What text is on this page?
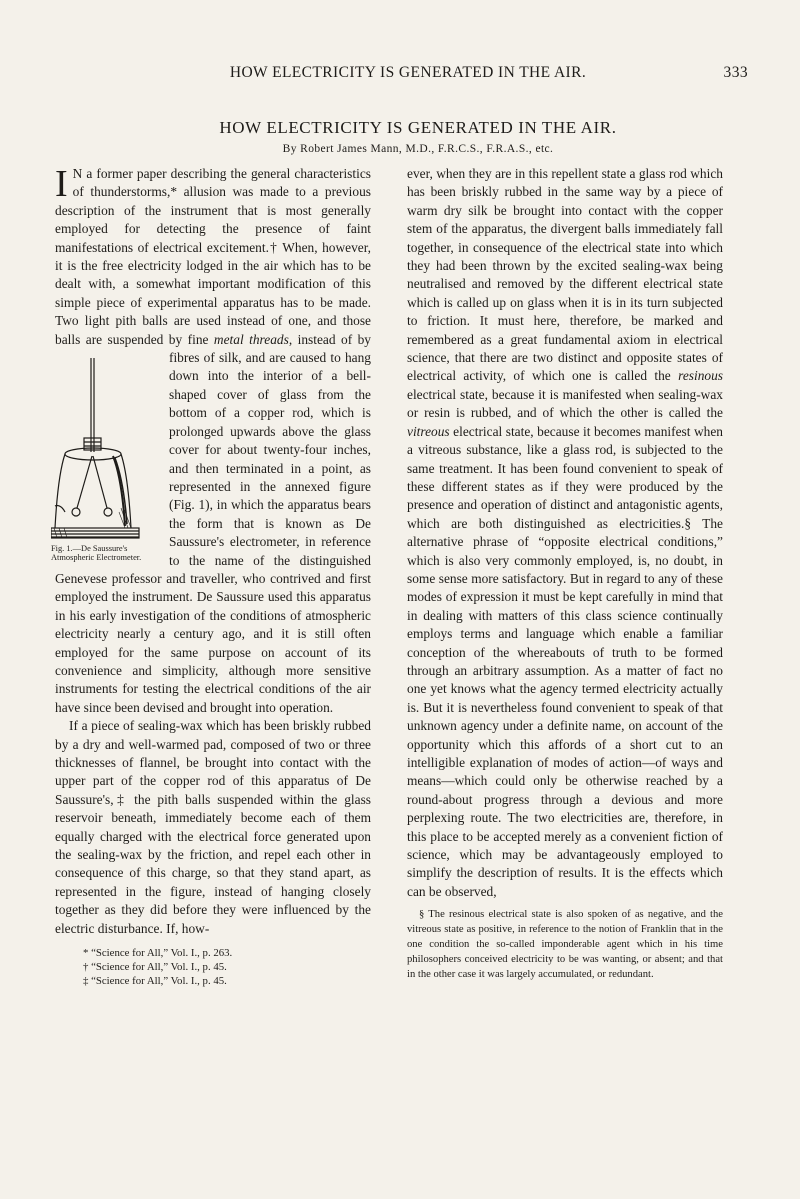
HOW ELECTRICITY IS GENERATED IN THE AIR.	333
HOW ELECTRICITY IS GENERATED IN THE AIR.
By Robert James Mann, M.D., F.R.C.S., F.R.A.S., etc.

I N a former paper describing the general characteristics of thunderstorms,* allusion was made to a previous description of the instrument that is most generally employed for detecting the presence of faint manifestations of electrical excitement.† When, however, it is the free electricity lodged in the air which has to be dealt with, a somewhat important modification of this simple piece of experimental apparatus has to be made. Two light pith balls are used instead of one, and those balls are suspended by fine metal threads
Fig. 1.—De Saussure's Atmospheric Electrometer.
, instead of by fibres of silk, and are caused to hang down into the interior of a bell-shaped cover of glass from the bottom of a copper rod, which is prolonged upwards above the glass cover for about twenty-four inches, and then terminated in a point, as represented in the annexed figure (Fig. 1), in which the apparatus bears the form that is known as De Saussure's electrometer, in reference to the name of the distinguished Genevese professor and traveller, who contrived and first employed the instrument. De Saussure used this apparatus in his early investigation of the conditions of atmospheric electricity nearly a century ago, and it is still often employed for the same purpose on account of its convenience and simplicity, although more sensitive instruments for testing the electrical conditions of the air have since been devised and brought into operation.

If a piece of sealing-wax which has been briskly rubbed by a dry and well-warmed pad, composed of two or three thicknesses of flannel, be brought into contact with the upper part of the copper rod of this apparatus of De Saussure's,‡ the pith balls suspended within the glass reservoir beneath, immediately become each of them equally charged with the electrical force generated upon the sealing-wax by the friction, and repel each other in consequence of this charge, so that they stand apart, as represented in the figure, instead of hanging closely together as they did before they were influenced by the electric disturbance. If, how-

* “Science for All,” Vol. I., p. 263.
† “Science for All,” Vol. I., p. 45.
‡ “Science for All,” Vol. I., p. 45.

ever, when they are in this repellent state a glass rod which has been briskly rubbed in the same way by a piece of warm dry silk be brought into contact with the copper stem of the apparatus, the divergent balls immediately fall together, in consequence of the electrical state into which they had been thrown by the excited sealing-wax being neutralised and removed by the different electrical state which is called up on glass when it is in its turn subjected to friction. It must here, therefore, be marked and remembered as a great fundamental axiom in electrical science, that there are two distinct and opposite states of electrical activity, of which one is called the resinous electrical state, because it is manifested when sealing-wax or resin is rubbed, and of which the other is called the vitreous electrical state, because it becomes manifest when a vitreous substance, like a glass rod, is subjected to the same treatment. It has been found convenient to speak of these different states as if they were produced by the presence and operation of distinct and antagonistic agents, which are both distinguished as electricities.§ The alternative phrase of “opposite electrical conditions,” which is also very commonly employed, is, no doubt, in some sense more satisfactory. But in regard to any of these modes of expression it must be kept carefully in mind that in dealing with matters of this class science continually employs terms and language which enable a familiar conception of the whereabouts of truth to be formed through an arbitrary assumption. As a matter of fact no one yet knows what the agency termed electricity actually is. But it is nevertheless found convenient to speak of that unknown agency under a definite name, on account of the opportunity which this affords of a short cut to an intelligible explanation of modes of action—of ways and means—which could only be otherwise reached by a round-about progress through a devious and more perplexing route. The two electricities are, therefore, in this place to be accepted merely as a convenient fiction of science, which may be advantageously employed to simplify the description of results. It is the effects which can be observed,

§ The resinous electrical state is also spoken of as negative, and the vitreous state as positive, in reference to the notion of Franklin that in the one condition the so-called imponderable agent which in his time philosophers conceived electricity to be was wanting, or absent; and that in the other case it was largely accumulated, or redundant.
